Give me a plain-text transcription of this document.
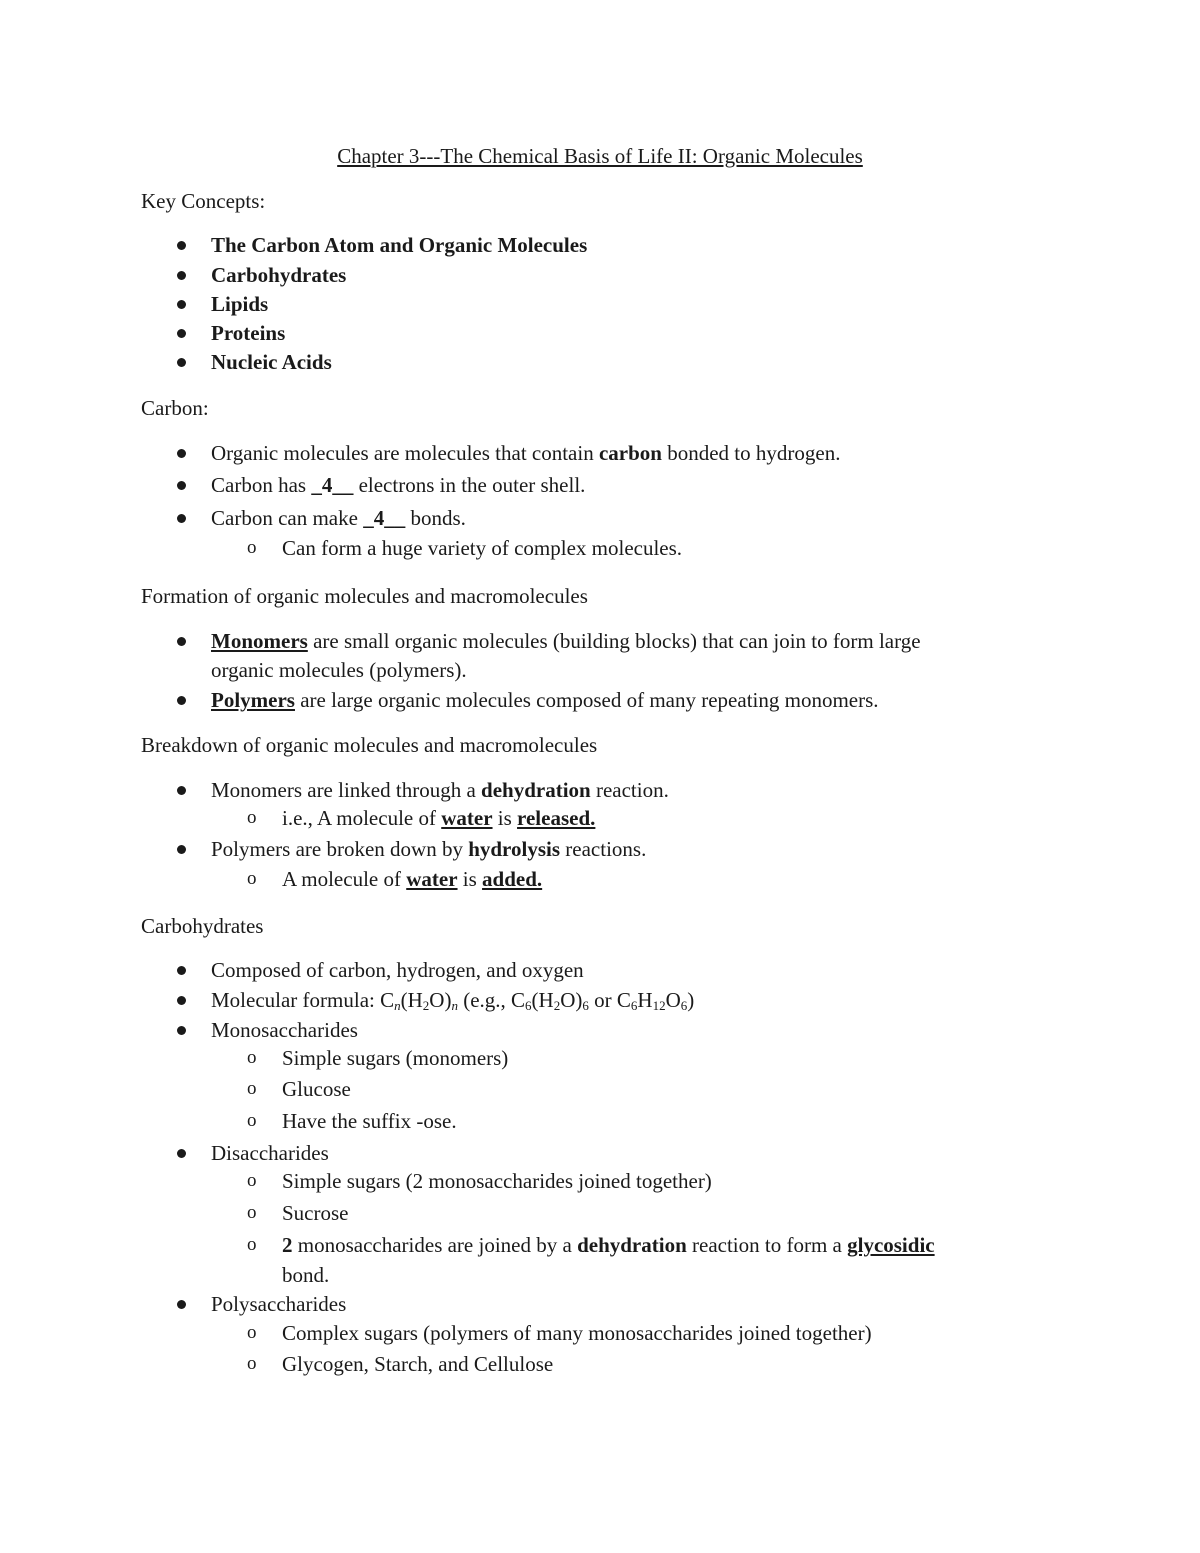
Chapter 3---The Chemical Basis of Life II: Organic Molecules
Key Concepts:
The Carbon Atom and Organic Molecules
Carbohydrates
Lipids
Proteins
Nucleic Acids
Carbon:
Organic molecules are molecules that contain carbon bonded to hydrogen.
Carbon has _4__ electrons in the outer shell.
Carbon can make _4__ bonds.
o Can form a huge variety of complex molecules.
Formation of organic molecules and macromolecules
Monomers are small organic molecules (building blocks) that can join to form large
organic molecules (polymers).
Polymers are large organic molecules composed of many repeating monomers.
Breakdown of organic molecules and macromolecules
Monomers are linked through a dehydration reaction.
o i.e., A molecule of water is released.
Polymers are broken down by hydrolysis reactions.
o A molecule of water is added.
Carbohydrates
Composed of carbon, hydrogen, and oxygen
Molecular formula: $C_n(H_2O)_n$ (e.g., $C_6(H_2O)_6$ or $C_6H_{12}O_6$)
Monosaccharides
o Simple sugars (monomers)
o Glucose
o Have the suffix -ose.
Disaccharides
o Simple sugars (2 monosaccharides joined together)
o Sucrose
o 2 monosaccharides are joined by a dehydration reaction to form a glycosidic
bond.
Polysaccharides
o Complex sugars (polymers of many monosaccharides joined together)
o Glycogen, Starch, and Cellulose
